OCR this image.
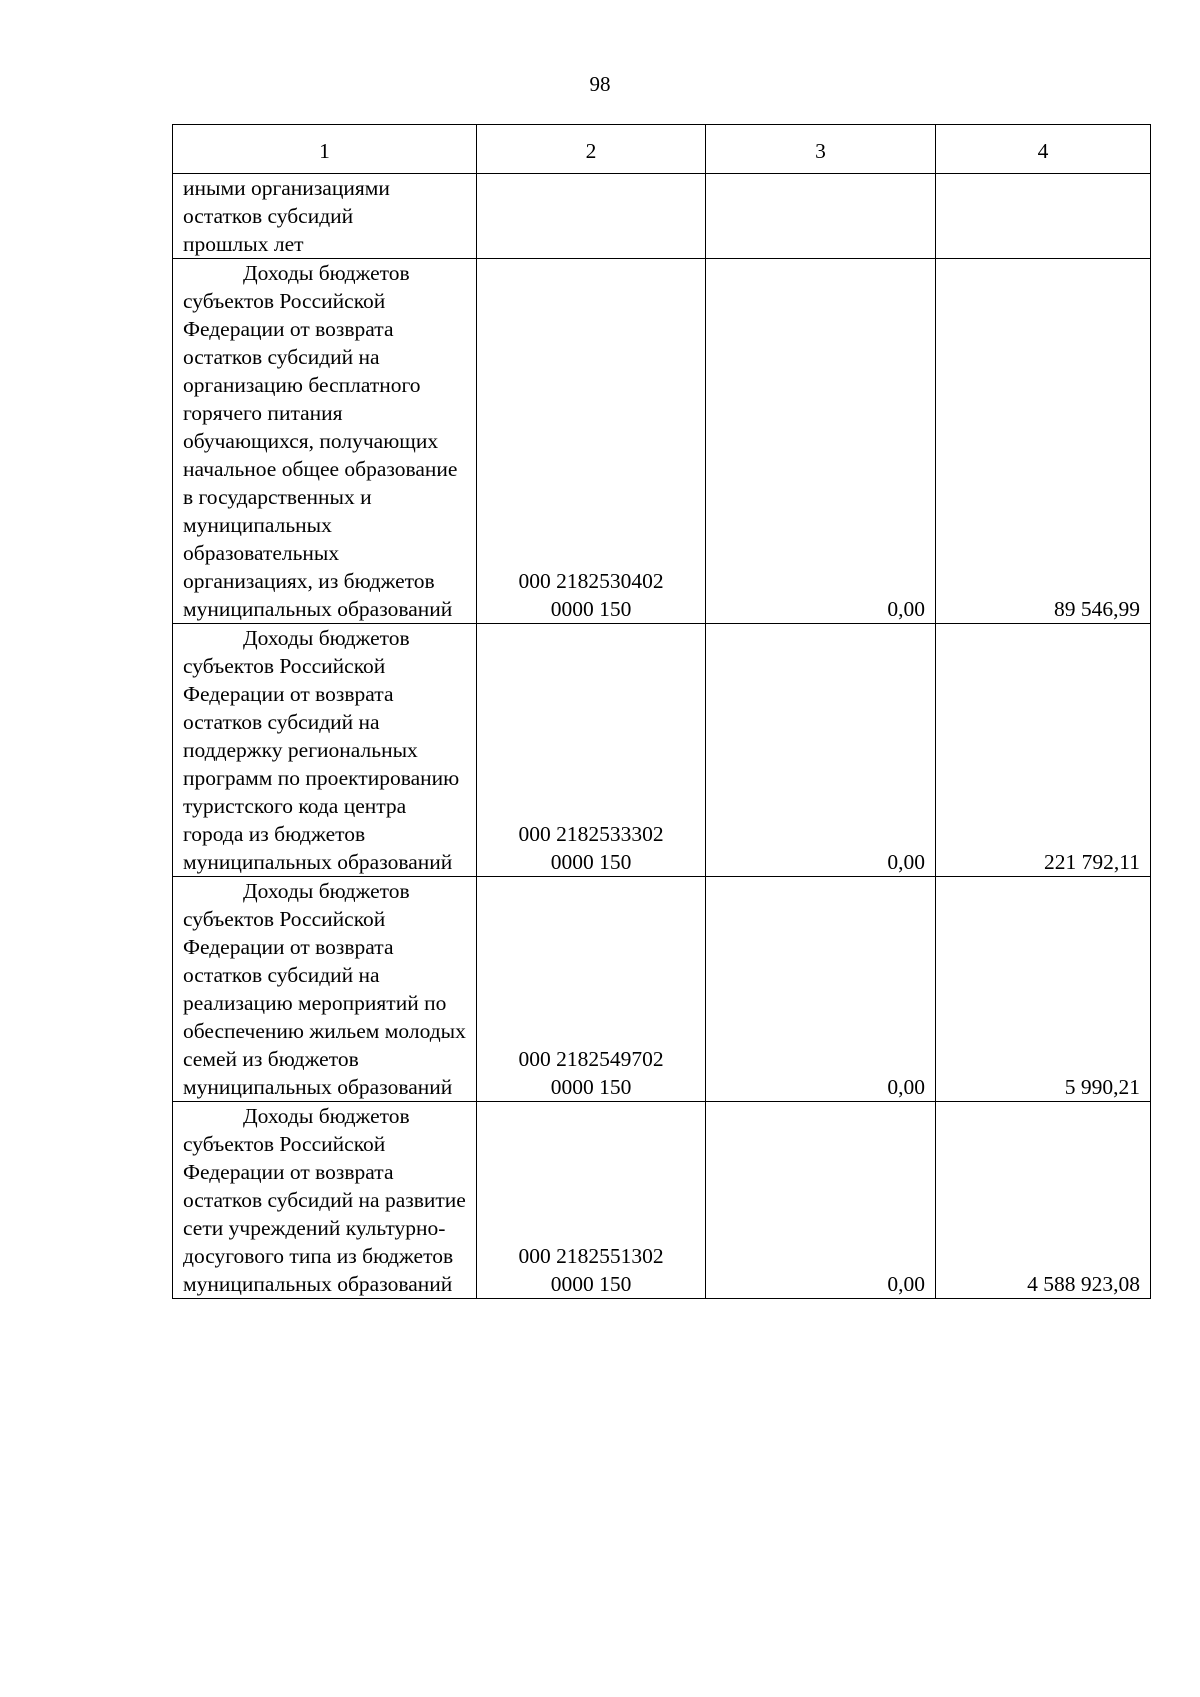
98
1	2	3	4

иными организациями остатков субсидий прошлых лет			

Доходы бюджетов субъектов Российской Федерации от возврата остатков субсидий на организацию бесплатного горячего питания обучающихся, получающих начальное общее образование в государственных и муниципальных образовательных организациях, из бюджетов муниципальных образований	000 2182530402
0000 150	0,00	89 546,99

Доходы бюджетов субъектов Российской Федерации от возврата остатков субсидий на поддержку региональных программ по проектированию туристского кода центра города из бюджетов муниципальных образований	000 2182533302
0000 150	0,00	221 792,11

Доходы бюджетов субъектов Российской Федерации от возврата остатков субсидий на реализацию мероприятий по обеспечению жильем молодых семей из бюджетов муниципальных образований	000 2182549702
0000 150	0,00	5 990,21

Доходы бюджетов субъектов Российской Федерации от возврата остатков субсидий на развитие сети учреждений культурно-досугового типа из бюджетов муниципальных образований	000 2182551302
0000 150	0,00	4 588 923,08
